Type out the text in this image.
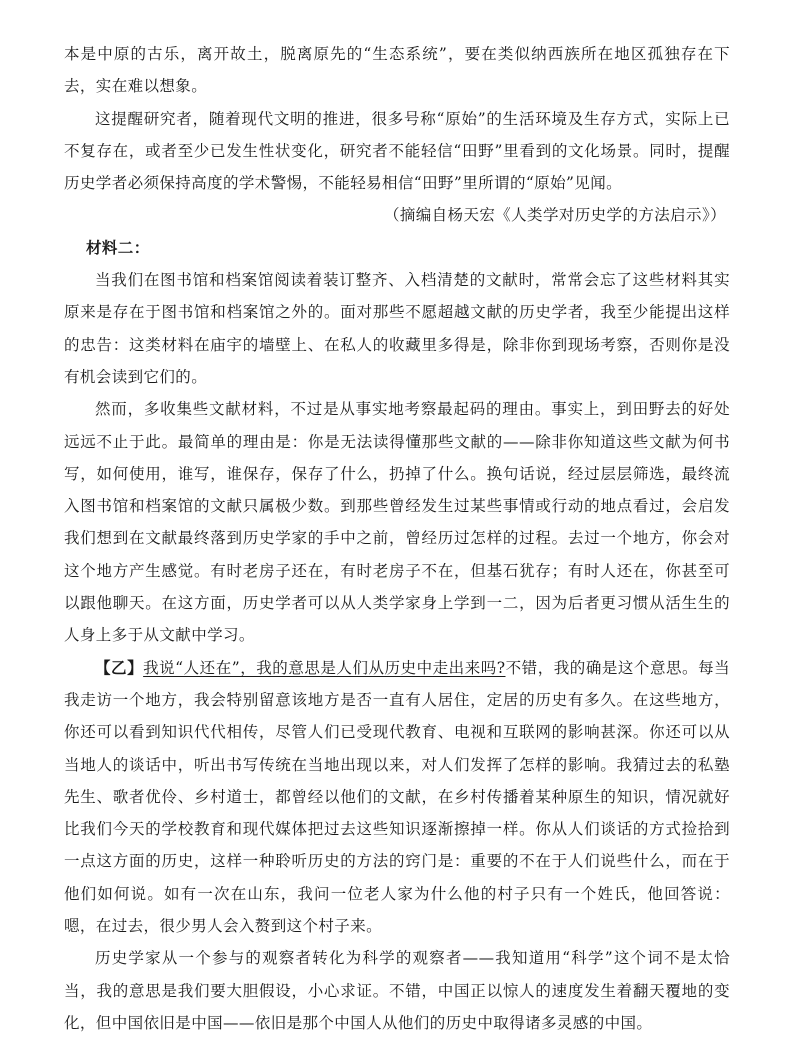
本是中原的古乐，离开故土，脱离原先的“生态系统”，要在类似纳西族所在地区孤独存在下去，实在难以想象。

这提醒研究者，随着现代文明的推进，很多号称“原始”的生活环境及生存方式，实际上已不复存在，或者至少已发生性状变化，研究者不能轻信“田野”里看到的文化场景。同时，提醒历史学者必须保持高度的学术警惕，不能轻易相信“田野”里所谓的“原始”见闻。

（摘编自杨天宏《人类学对历史学的方法启示》）

材料二：

当我们在图书馆和档案馆阅读着装订整齐、入档清楚的文献时，常常会忘了这些材料其实原来是存在于图书馆和档案馆之外的。面对那些不愿超越文献的历史学者，我至少能提出这样的忠告：这类材料在庙宇的墙壁上、在私人的收藏里多得是，除非你到现场考察，否则你是没有机会读到它们的。

然而，多收集些文献材料，不过是从事实地考察最起码的理由。事实上，到田野去的好处远远不止于此。最简单的理由是：你是无法读得懂那些文献的——除非你知道这些文献为何书写，如何使用，谁写，谁保存，保存了什么，扔掉了什么。换句话说，经过层层筛选，最终流入图书馆和档案馆的文献只属极少数。到那些曾经发生过某些事情或行动的地点看过，会启发我们想到在文献最终落到历史学家的手中之前，曾经历过怎样的过程。去过一个地方，你会对这个地方产生感觉。有时老房子还在，有时老房子不在，但基石犹存；有时人还在，你甚至可以跟他聊天。在这方面，历史学者可以从人类学家身上学到一二，因为后者更习惯从活生生的人身上多于从文献中学习。

【乙】我说“人还在”，我的意思是人们从历史中走出来吗?不错，我的确是这个意思。每当我走访一个地方，我会特别留意该地方是否一直有人居住，定居的历史有多久。在这些地方，你还可以看到知识代代相传，尽管人们已受现代教育、电视和互联网的影响甚深。你还可以从当地人的谈话中，听出书写传统在当地出现以来，对人们发挥了怎样的影响。我猜过去的私塾先生、歌者优伶、乡村道士，都曾经以他们的文献，在乡村传播着某种原生的知识，情况就好比我们今天的学校教育和现代媒体把过去这些知识逐渐擦掉一样。你从人们谈话的方式捡拾到一点这方面的历史，这样一种聆听历史的方法的窍门是：重要的不在于人们说些什么，而在于他们如何说。如有一次在山东，我问一位老人家为什么他的村子只有一个姓氏，他回答说：嗯，在过去，很少男人会入赘到这个村子来。

历史学家从一个参与的观察者转化为科学的观察者——我知道用“科学”这个词不是太恰当，我的意思是我们要大胆假设，小心求证。不错，中国正以惊人的速度发生着翻天覆地的变化，但中国依旧是中国——依旧是那个中国人从他们的历史中取得诸多灵感的中国。
